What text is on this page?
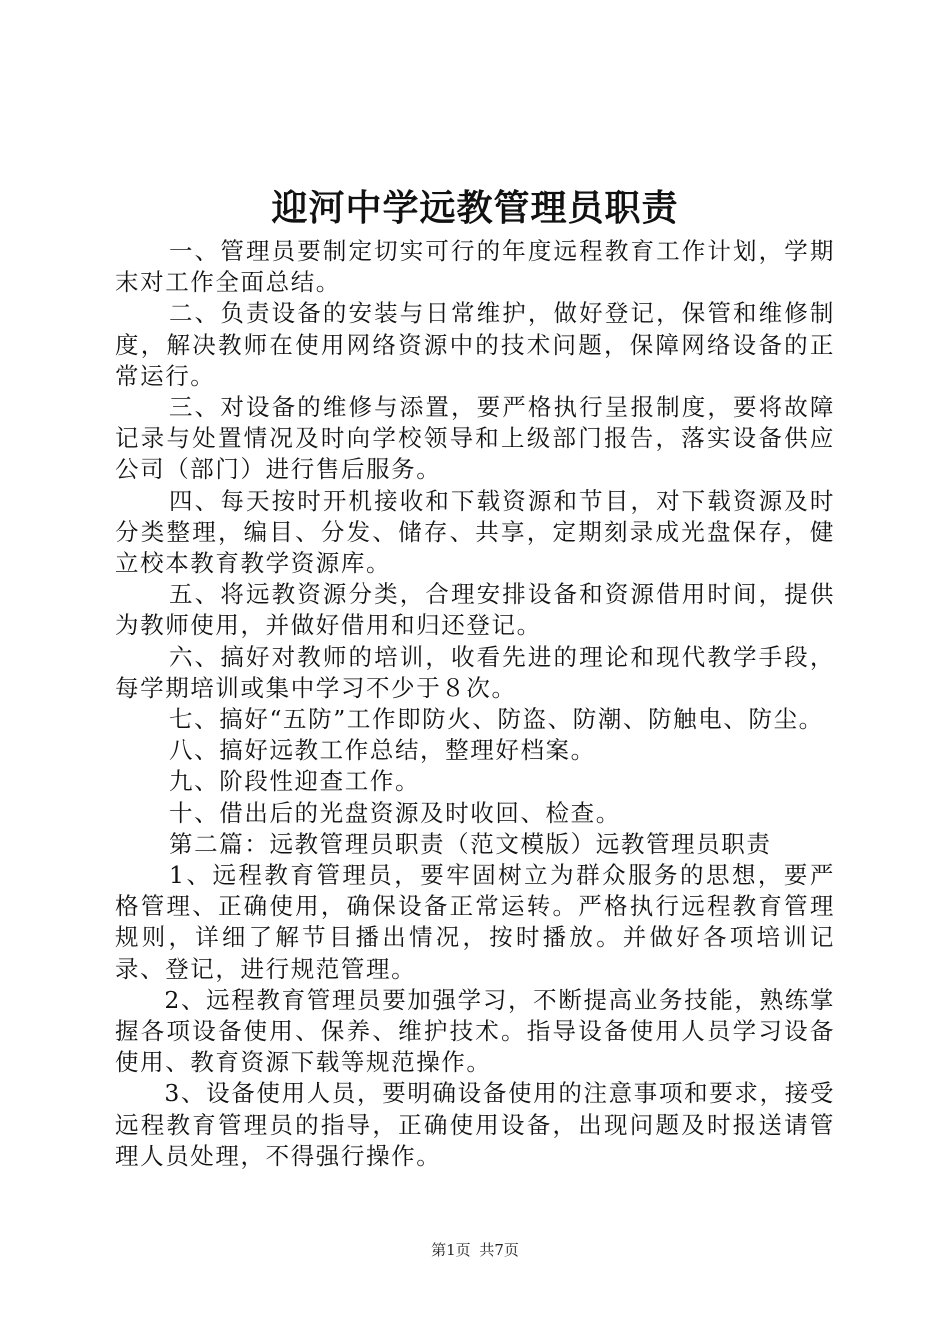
迎河中学远教管理员职责

一、管理员要制定切实可行的年度远程教育工作计划，学期末对工作全面总结。

二、负责设备的安装与日常维护，做好登记，保管和维修制度，解决教师在使用网络资源中的技术问题，保障网络设备的正常运行。

三、对设备的维修与添置，要严格执行呈报制度，要将故障记录与处置情况及时向学校领导和上级部门报告，落实设备供应公司（部门）进行售后服务。

四、每天按时开机接收和下载资源和节目，对下载资源及时分类整理，编目、分发、储存、共享，定期刻录成光盘保存，健立校本教育教学资源库。

五、将远教资源分类，合理安排设备和资源借用时间，提供为教师使用，并做好借用和归还登记。

六、搞好对教师的培训，收看先进的理论和现代教学手段，每学期培训或集中学习不少于８次。

七、搞好“五防”工作即防火、防盗、防潮、防触电、防尘。

八、搞好远教工作总结，整理好档案。

九、阶段性迎查工作。

十、借出后的光盘资源及时收回、检查。

第二篇：远教管理员职责（范文模版）远教管理员职责

1、远程教育管理员，要牢固树立为群众服务的思想，要严格管理、正确使用，确保设备正常运转。严格执行远程教育管理规则，详细了解节目播出情况，按时播放。并做好各项培训记录、登记，进行规范管理。

2、远程教育管理员要加强学习，不断提高业务技能，熟练掌握各项设备使用、保养、维护技术。指导设备使用人员学习设备使用、教育资源下载等规范操作。

3、设备使用人员，要明确设备使用的注意事项和要求，接受远程教育管理员的指导，正确使用设备，出现问题及时报送请管理人员处理，不得强行操作。

第1页 共7页
